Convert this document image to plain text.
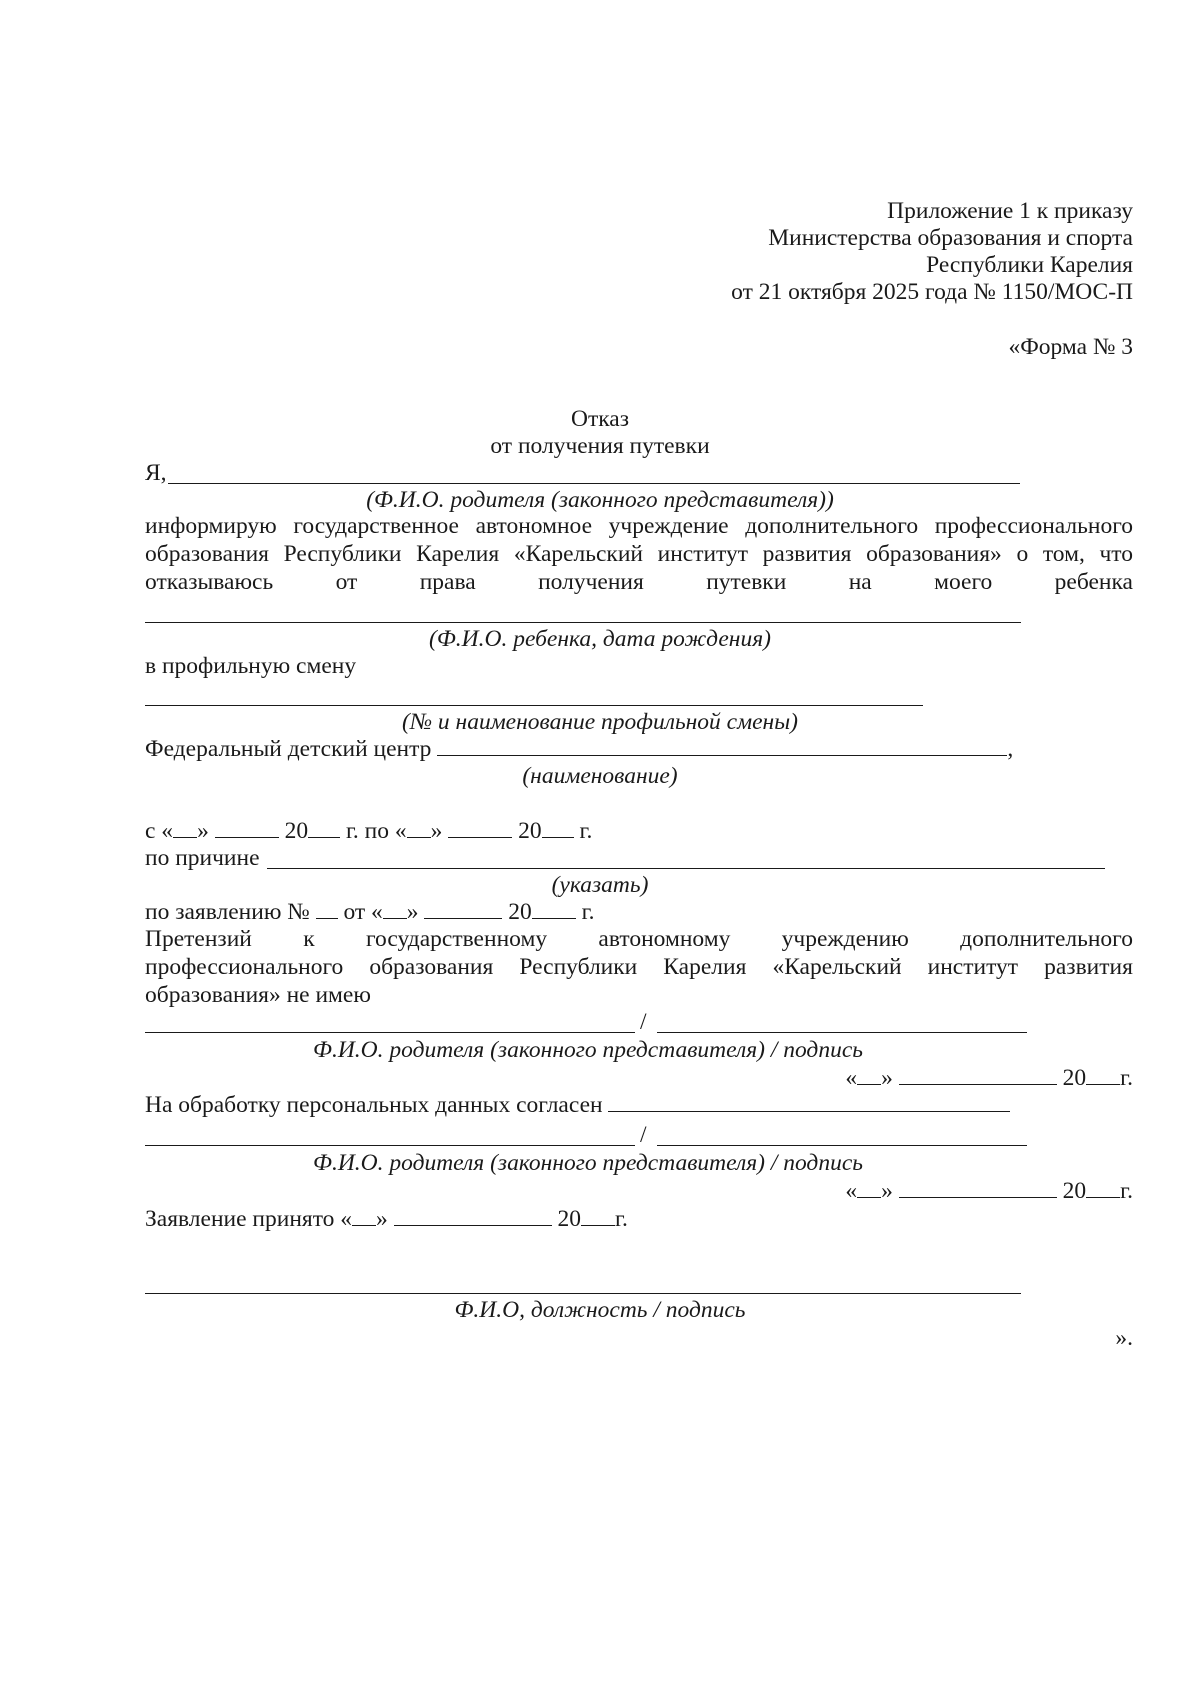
Приложение 1 к приказу
Министерства образования и спорта
Республики Карелия
от 21 октября 2025 года № 1150/МОС-П
«Форма № 3
Отказ
от получения путевки
Я,
(Ф.И.О. родителя (законного представителя))
информирую государственное автономное учреждение дополнительного профессионального
образования Республики Карелия «Карельский институт развития образования» о том, что
отказываюсь	от	права	получения	путевки	на	моего	ребенка
(Ф.И.О. ребенка, дата рождения)
в профильную смену
(№ и наименование профильной смены)
Федеральный детский центр	,
(наименование)
с « »	20 г. по « »	20 г.
по причине
(указать)
по заявлению № от « »	20 г.
Претензий к государственному автономному учреждению дополнительного
профессионального образования Республики Карелия «Карельский институт развития
образования» не имею
/
Ф.И.О. родителя (законного представителя) / подпись
« »	20 г.
На обработку персональных данных согласен
/
Ф.И.О. родителя (законного представителя) / подпись
« »	20 г.
Заявление принято « »	20 г.
Ф.И.О, должность / подпись
».
